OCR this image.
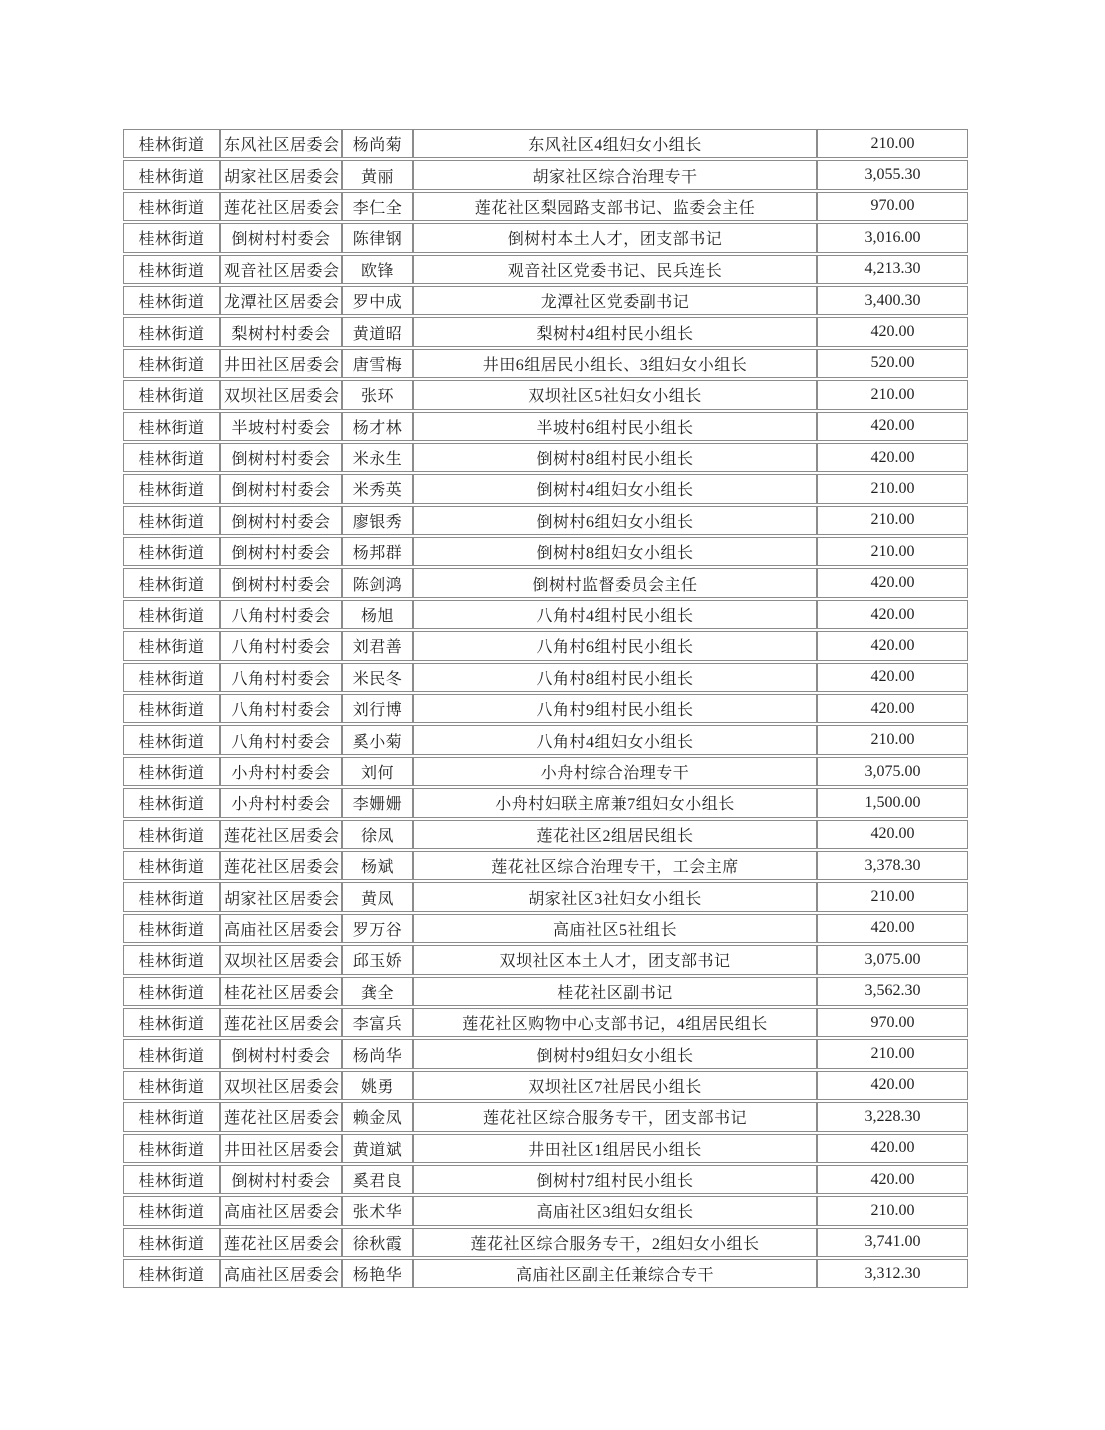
桂林街道	东风社区居委会	杨尚菊	东风社区4组妇女小组长	210.00
桂林街道	胡家社区居委会	黄丽	胡家社区综合治理专干	3,055.30
桂林街道	莲花社区居委会	李仁全	莲花社区梨园路支部书记、监委会主任	970.00
桂林街道	倒树村村委会	陈律钢	倒树村本土人才，团支部书记	3,016.00
桂林街道	观音社区居委会	欧锋	观音社区党委书记、民兵连长	4,213.30
桂林街道	龙潭社区居委会	罗中成	龙潭社区党委副书记	3,400.30
桂林街道	梨树村村委会	黄道昭	梨树村4组村民小组长	420.00
桂林街道	井田社区居委会	唐雪梅	井田6组居民小组长、3组妇女小组长	520.00
桂林街道	双坝社区居委会	张环	双坝社区5社妇女小组长	210.00
桂林街道	半坡村村委会	杨才林	半坡村6组村民小组长	420.00
桂林街道	倒树村村委会	米永生	倒树村8组村民小组长	420.00
桂林街道	倒树村村委会	米秀英	倒树村4组妇女小组长	210.00
桂林街道	倒树村村委会	廖银秀	倒树村6组妇女小组长	210.00
桂林街道	倒树村村委会	杨邦群	倒树村8组妇女小组长	210.00
桂林街道	倒树村村委会	陈剑鸿	倒树村监督委员会主任	420.00
桂林街道	八角村村委会	杨旭	八角村4组村民小组长	420.00
桂林街道	八角村村委会	刘君善	八角村6组村民小组长	420.00
桂林街道	八角村村委会	米民冬	八角村8组村民小组长	420.00
桂林街道	八角村村委会	刘行博	八角村9组村民小组长	420.00
桂林街道	八角村村委会	奚小菊	八角村4组妇女小组长	210.00
桂林街道	小舟村村委会	刘何	小舟村综合治理专干	3,075.00
桂林街道	小舟村村委会	李姗姗	小舟村妇联主席兼7组妇女小组长	1,500.00
桂林街道	莲花社区居委会	徐凤	莲花社区2组居民组长	420.00
桂林街道	莲花社区居委会	杨斌	莲花社区综合治理专干，工会主席	3,378.30
桂林街道	胡家社区居委会	黄凤	胡家社区3社妇女小组长	210.00
桂林街道	高庙社区居委会	罗万谷	高庙社区5社组长	420.00
桂林街道	双坝社区居委会	邱玉娇	双坝社区本土人才，团支部书记	3,075.00
桂林街道	桂花社区居委会	龚全	桂花社区副书记	3,562.30
桂林街道	莲花社区居委会	李富兵	莲花社区购物中心支部书记，4组居民组长	970.00
桂林街道	倒树村村委会	杨尚华	倒树村9组妇女小组长	210.00
桂林街道	双坝社区居委会	姚勇	双坝社区7社居民小组长	420.00
桂林街道	莲花社区居委会	赖金凤	莲花社区综合服务专干，团支部书记	3,228.30
桂林街道	井田社区居委会	黄道斌	井田社区1组居民小组长	420.00
桂林街道	倒树村村委会	奚君良	倒树村7组村民小组长	420.00
桂林街道	高庙社区居委会	张术华	高庙社区3组妇女组长	210.00
桂林街道	莲花社区居委会	徐秋霞	莲花社区综合服务专干，2组妇女小组长	3,741.00
桂林街道	高庙社区居委会	杨艳华	高庙社区副主任兼综合专干	3,312.30
